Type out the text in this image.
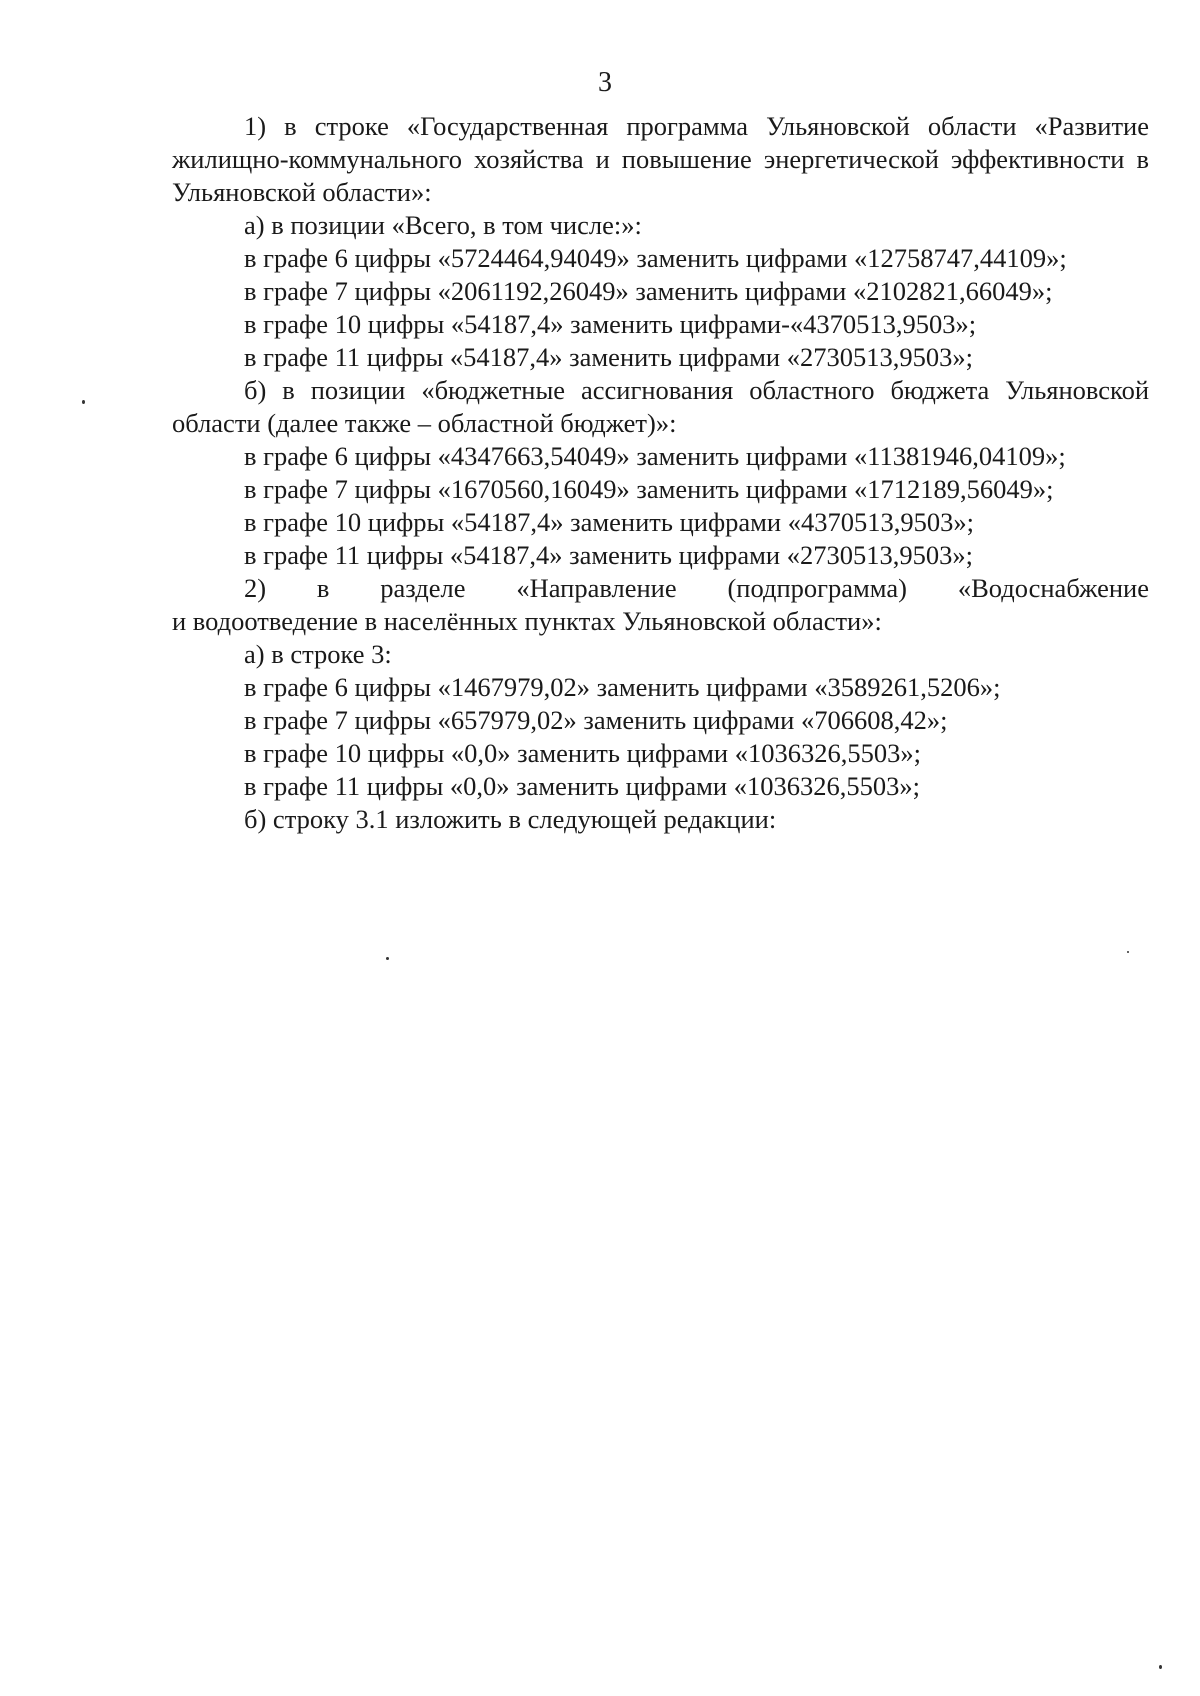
3

1) в строке «Государственная программа Ульяновской области «Развитие жилищно-коммунального хозяйства и повышение энергетической эффективности в Ульяновской области»:

а) в позиции «Всего, в том числе:»:
в графе 6 цифры «5724464,94049» заменить цифрами «12758747,44109»;
в графе 7 цифры «2061192,26049» заменить цифрами «2102821,66049»;
в графе 10 цифры «54187,4» заменить цифрами-«4370513,9503»;
в графе 11 цифры «54187,4» заменить цифрами «2730513,9503»;

б) в позиции «бюджетные ассигнования областного бюджета Ульяновской области (далее также – областной бюджет)»:

в графе 6 цифры «4347663,54049» заменить цифрами «11381946,04109»;
в графе 7 цифры «1670560,16049» заменить цифрами «1712189,56049»;
в графе 10 цифры «54187,4» заменить цифрами «4370513,9503»;
в графе 11 цифры «54187,4» заменить цифрами «2730513,9503»;
2) в разделе «Направление (подпрограмма) «Водоснабжение

и водоотведение в населённых пунктах Ульяновской области»:

а) в строке 3:
в графе 6 цифры «1467979,02» заменить цифрами «3589261,5206»;
в графе 7 цифры «657979,02» заменить цифрами «706608,42»;
в графе 10 цифры «0,0» заменить цифрами «1036326,5503»;
в графе 11 цифры «0,0» заменить цифрами «1036326,5503»;
б) строку 3.1 изложить в следующей редакции:
